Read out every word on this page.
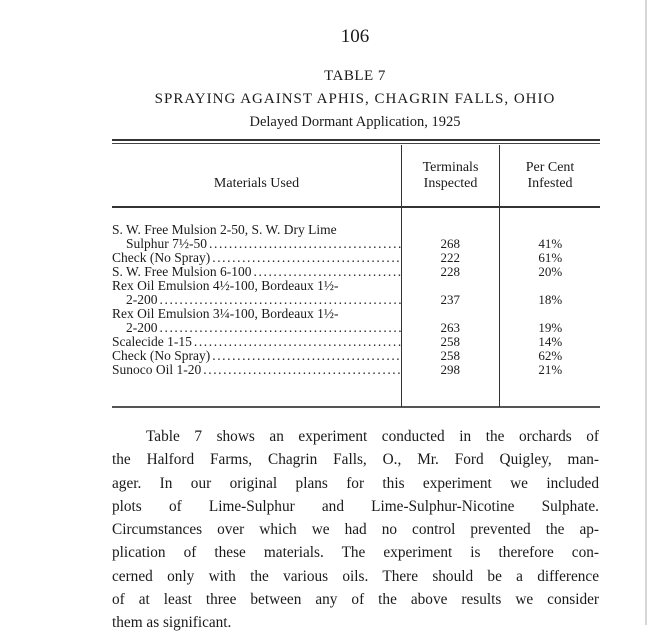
106
TABLE 7
SPRAYING AGAINST APHIS, CHAGRIN FALLS, OHIO
Delayed Dormant Application, 1925
Materials Used
Terminals
Inspected
Per Cent
Infested
S. W. Free Mulsion 2-50, S. W. Dry Lime
Sulphur 7½-50 .....	268	41%
Check (No Spray) .....	222	61%
S. W. Free Mulsion 6-100 .....	228	20%
Rex Oil Emulsion 4½-100, Bordeaux 1½-
2-200 .....	237	18%
Rex Oil Emulsion 3¼-100, Bordeaux 1½-
2-200 .....	263	19%
Scalecide 1-15 .....	258	14%
Check (No Spray) .....	258	62%
Sunoco Oil 1-20 .....	298	21%
Table 7 shows an experiment conducted in the orchards of
the Halford Farms, Chagrin Falls, O., Mr. Ford Quigley, man-
ager. In our original plans for this experiment we included
plots of Lime-Sulphur and Lime-Sulphur-Nicotine Sulphate.
Circumstances over which we had no control prevented the ap-
plication of these materials. The experiment is therefore con-
cerned only with the various oils. There should be a difference
of at least three between any of the above results we consider
them as significant.
